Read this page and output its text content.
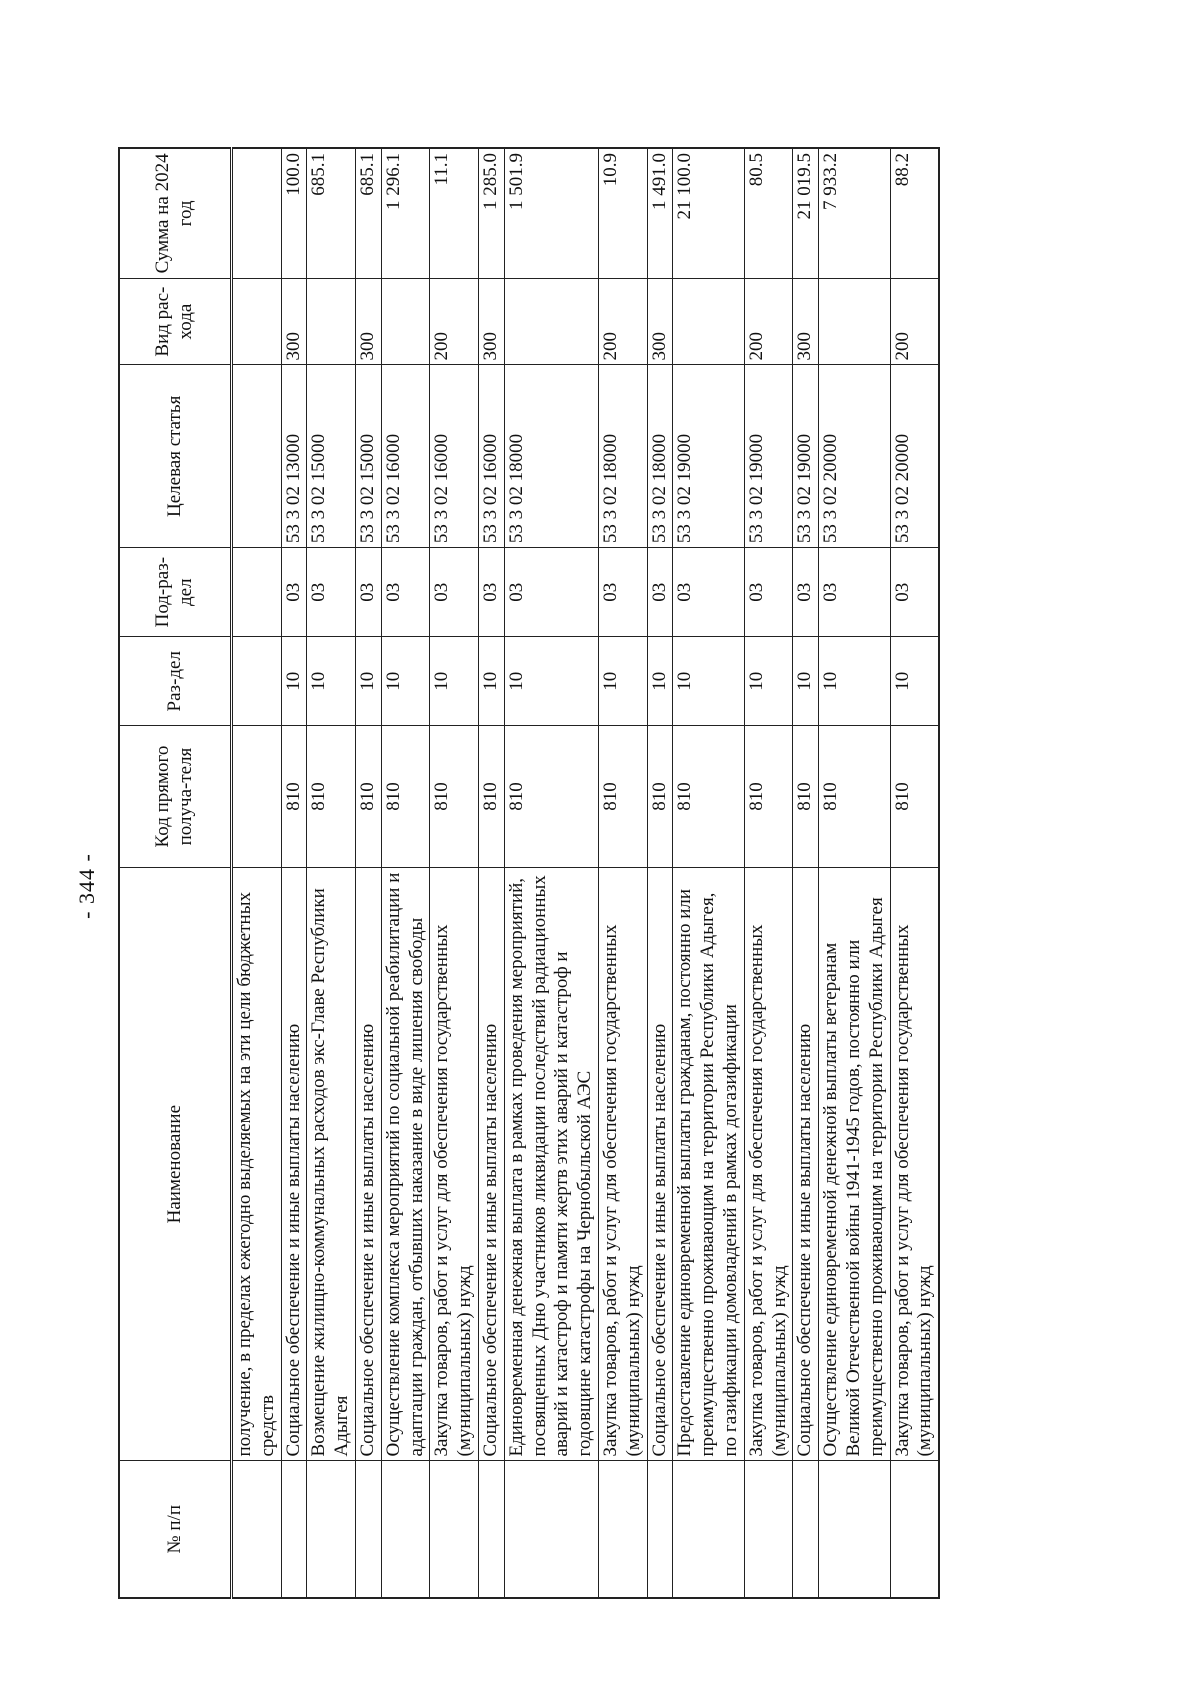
- 344 -
№ п/п	Наименование	Код прямого получа-теля	Раз-дел	Под-раз-дел	Целевая статья	Вид рас-хода	Сумма на 2024 год
	получение, в пределах ежегодно выделяемых на эти цели бюджетных средств						
	Социальное обеспечение и иные выплаты населению	810	10	03	53 3 02 13000	300	100.0
	Возмещение жилищно-коммунальных расходов экс-Главе Республики Адыгея	810	10	03	53 3 02 15000		685.1
	Социальное обеспечение и иные выплаты населению	810	10	03	53 3 02 15000	300	685.1
	Осуществление комплекса мероприятий по социальной реабилитации и адаптации граждан, отбывших наказание в виде лишения свободы	810	10	03	53 3 02 16000		1 296.1
	Закупка товаров, работ и услуг для обеспечения государственных (муниципальных) нужд	810	10	03	53 3 02 16000	200	11.1
	Социальное обеспечение и иные выплаты населению	810	10	03	53 3 02 16000	300	1 285.0
	Единовременная денежная выплата в рамках проведения мероприятий, посвященных Дню участников ликвидации последствий радиационных аварий и катастроф и памяти жертв этих аварий и катастроф и годовщине катастрофы на Чернобыльской АЭС	810	10	03	53 3 02 18000		1 501.9
	Закупка товаров, работ и услуг для обеспечения государственных (муниципальных) нужд	810	10	03	53 3 02 18000	200	10.9
	Социальное обеспечение и иные выплаты населению	810	10	03	53 3 02 18000	300	1 491.0
	Предоставление единовременной выплаты гражданам, постоянно или преимущественно проживающим на территории Республики Адыгея, по газификации домовладений в рамках догазификации	810	10	03	53 3 02 19000		21 100.0
	Закупка товаров, работ и услуг для обеспечения государственных (муниципальных) нужд	810	10	03	53 3 02 19000	200	80.5
	Социальное обеспечение и иные выплаты населению	810	10	03	53 3 02 19000	300	21 019.5
	Осуществление единовременной денежной выплаты ветеранам Великой Отечественной войны 1941-1945 годов, постоянно или преимущественно проживающим на территории Республики Адыгея	810	10	03	53 3 02 20000		7 933.2
	Закупка товаров, работ и услуг для обеспечения государственных (муниципальных) нужд	810	10	03	53 3 02 20000	200	88.2
